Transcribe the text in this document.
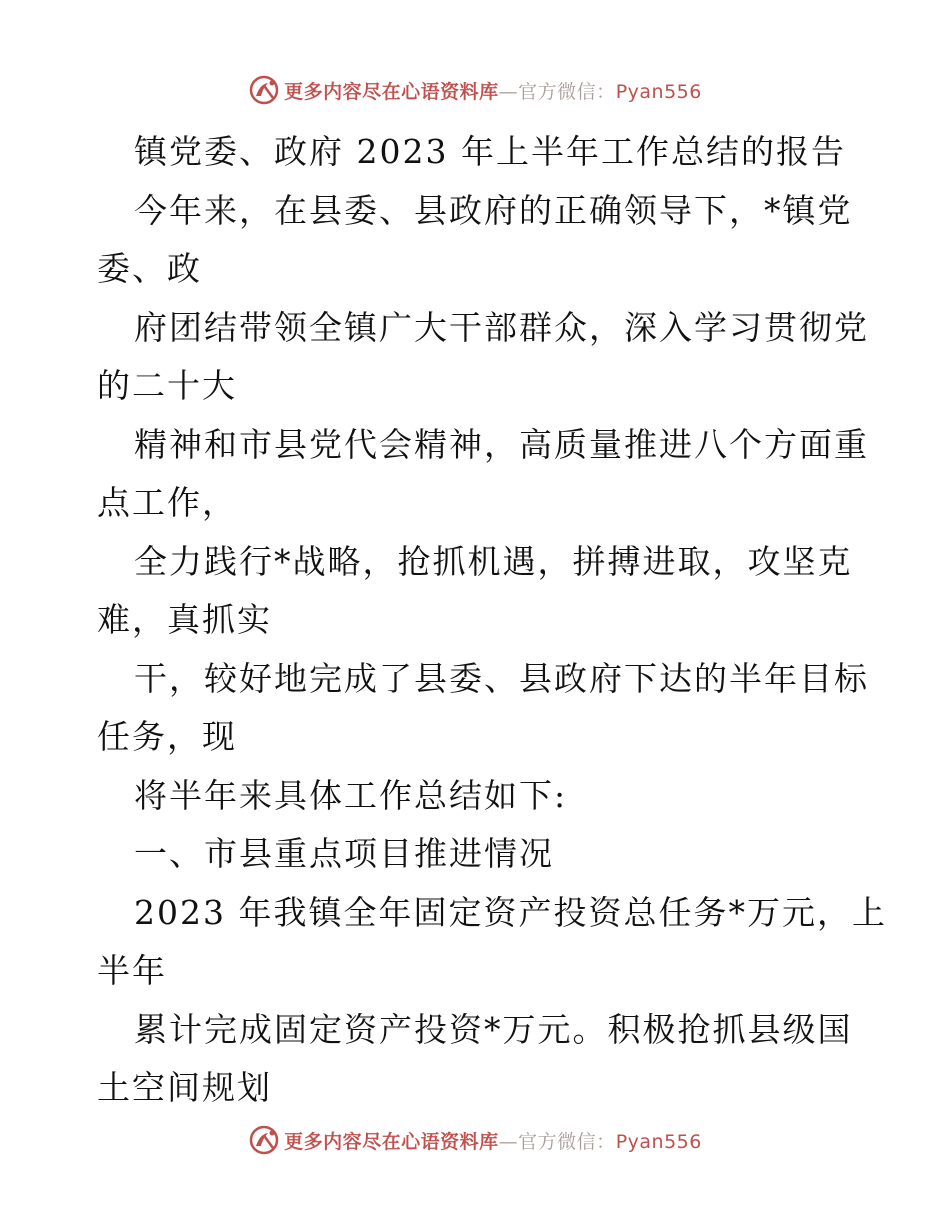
更多内容尽在心语资料库—官方微信：Pyan556
镇党委、政府 2023 年上半年工作总结的报告
今年来，在县委、县政府的正确领导下，*镇党
委、政
府团结带领全镇广大干部群众，深入学习贯彻党
的二十大
精神和市县党代会精神，高质量推进八个方面重
点工作，
全力践行*战略，抢抓机遇，拼搏进取，攻坚克
难，真抓实
干，较好地完成了县委、县政府下达的半年目标
任务，现
将半年来具体工作总结如下:
一、市县重点项目推进情况
2023 年我镇全年固定资产投资总任务*万元，上
半年
累计完成固定资产投资*万元。积极抢抓县级国
土空间规划
更多内容尽在心语资料库—官方微信：Pyan556
